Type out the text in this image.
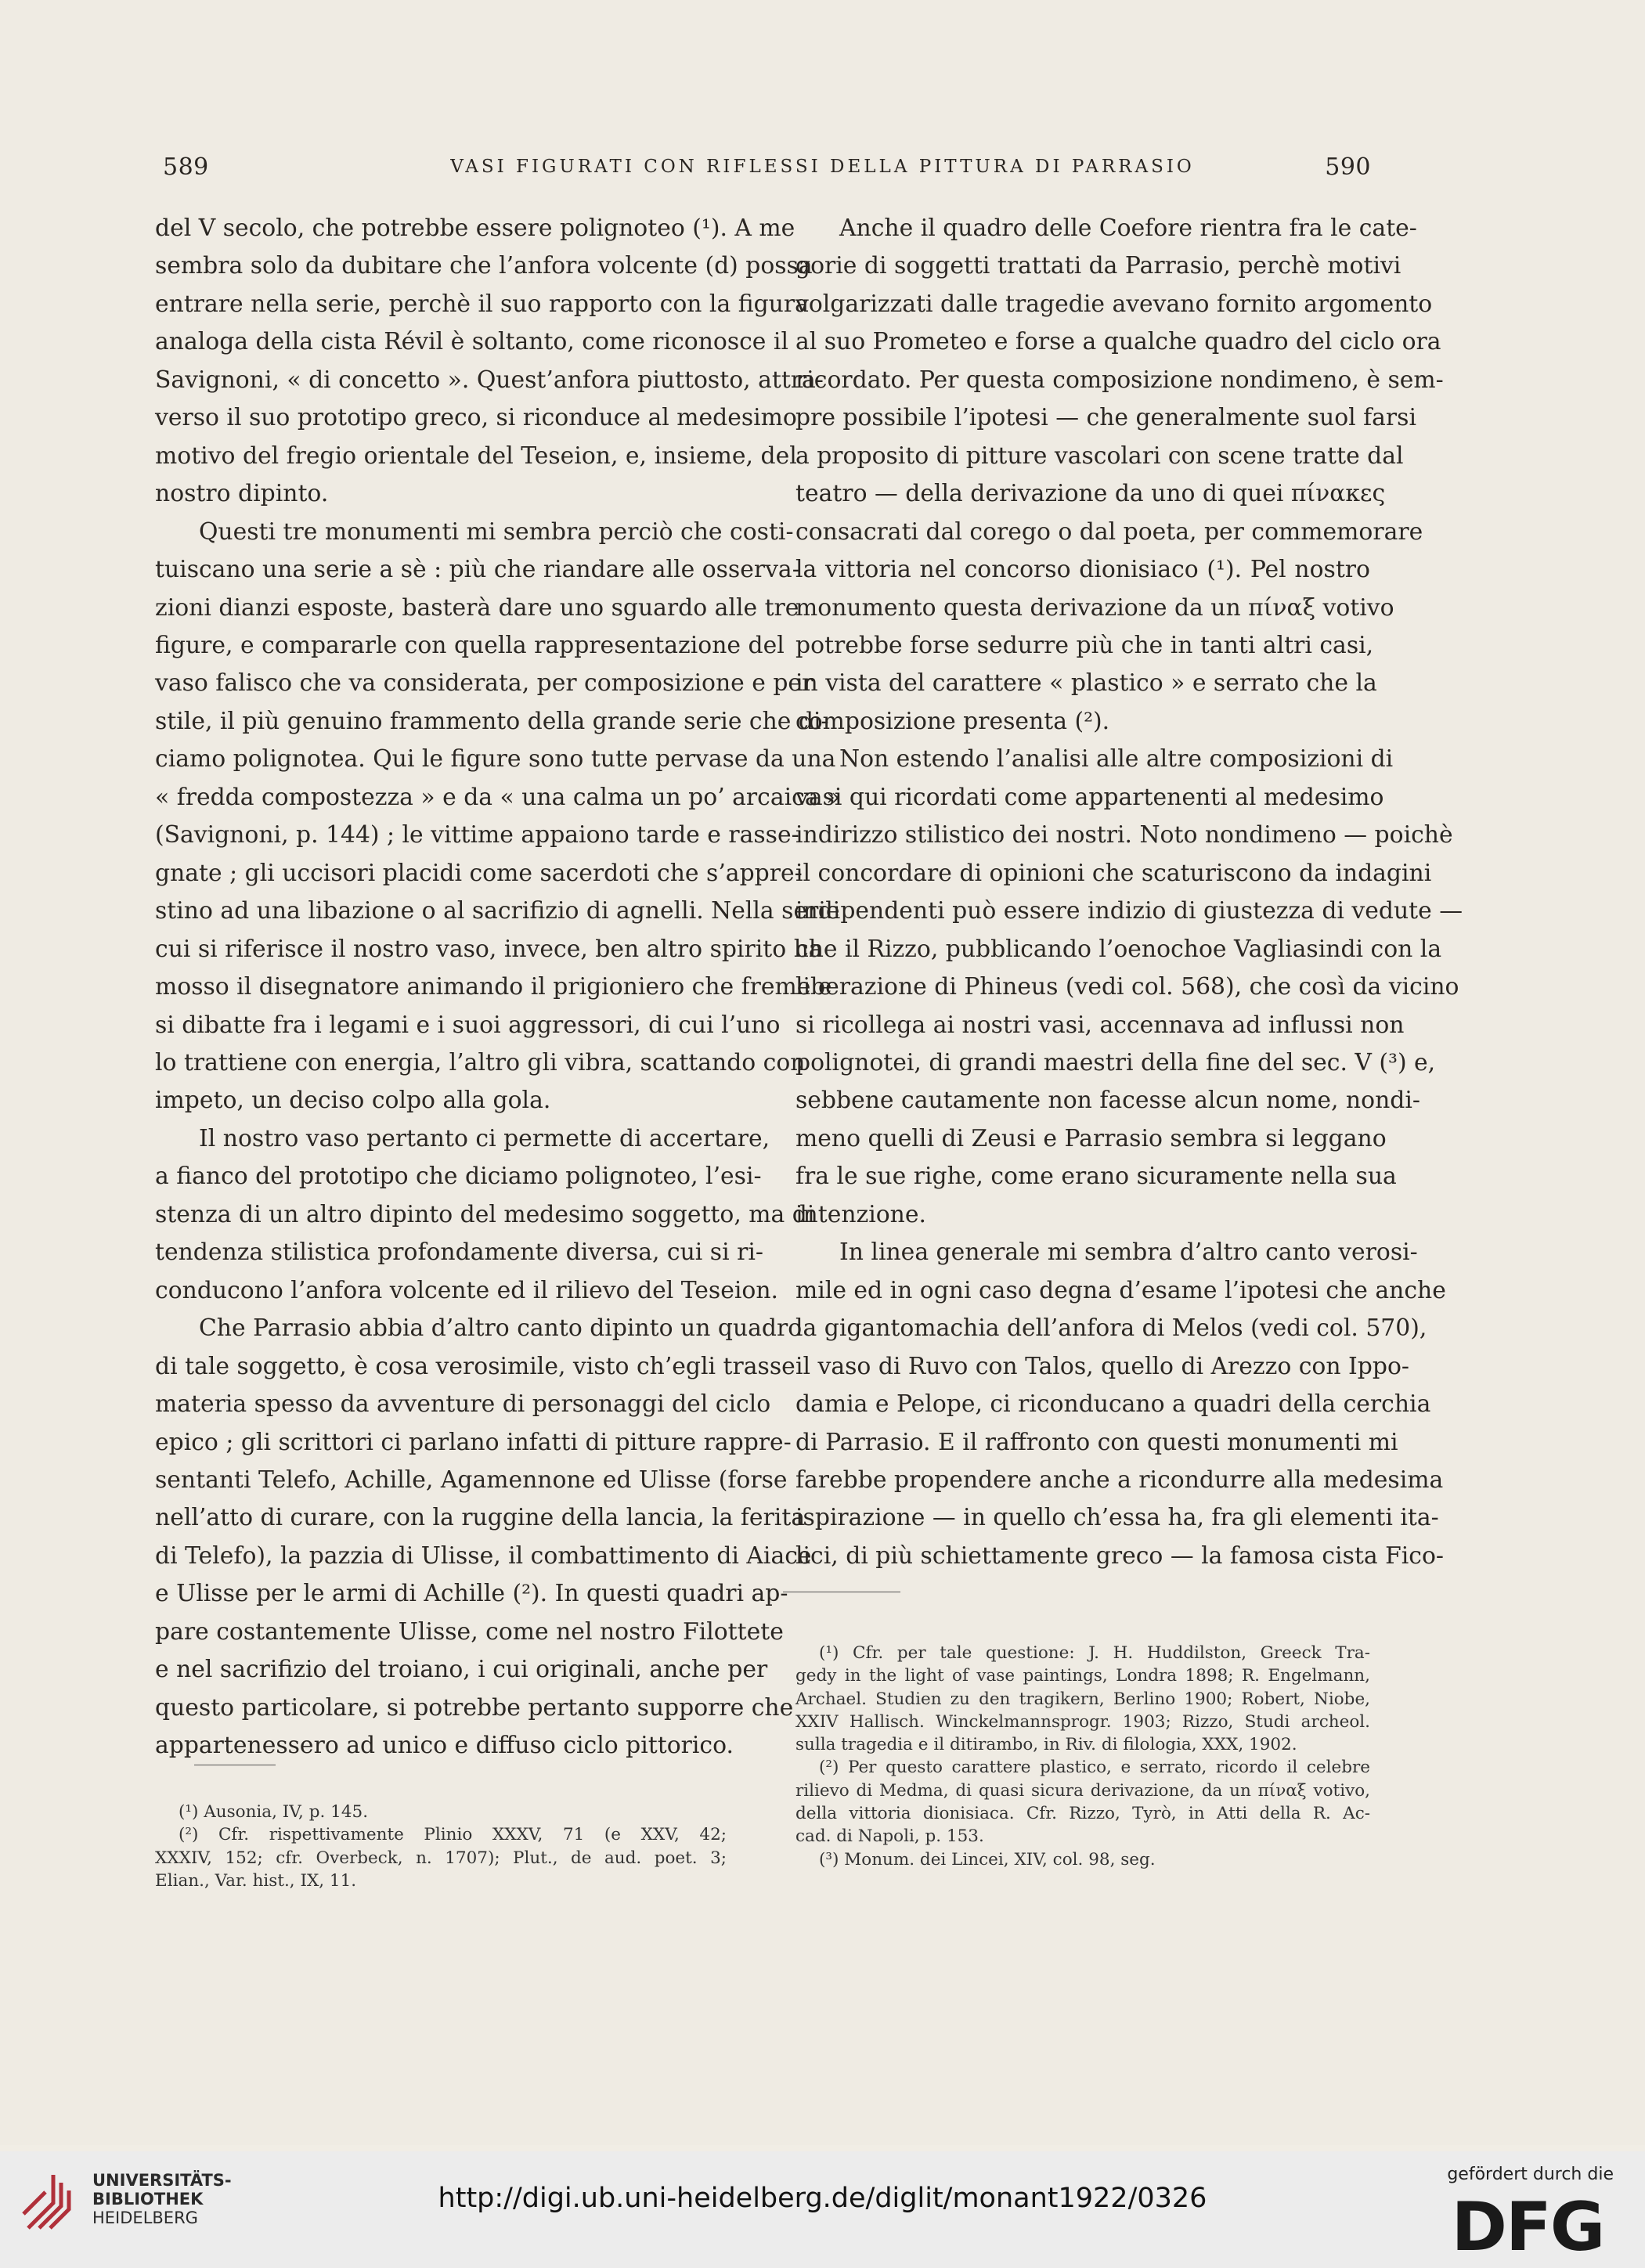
589	VASI FIGURATI CON RIFLESSI DELLA PITTURA DI PARRASIO	590
del V secolo, che potrebbe essere polignoteo (¹). A me
sembra solo da dubitare che l’anfora volcente (d) possa
entrare nella serie, perchè il suo rapporto con la figura
analoga della cista Révil è soltanto, come riconosce il
Savignoni, « di concetto ». Quest’anfora piuttosto, attra-
verso il suo prototipo greco, si riconduce al medesimo
motivo del fregio orientale del Teseion, e, insieme, del
nostro dipinto.
Questi tre monumenti mi sembra perciò che costi-
tuiscano una serie a sè : più che riandare alle osserva-
zioni dianzi esposte, basterà dare uno sguardo alle tre
figure, e compararle con quella rappresentazione del
vaso falisco che va considerata, per composizione e per
stile, il più genuino frammento della grande serie che di-
ciamo polignotea. Qui le figure sono tutte pervase da una
« fredda compostezza » e da « una calma un po’ arcaica »
(Savignoni, p. 144) ; le vittime appaiono tarde e rasse-
gnate ; gli uccisori placidi come sacerdoti che s’appre-
stino ad una libazione o al sacrifizio di agnelli. Nella serie
cui si riferisce il nostro vaso, invece, ben altro spirito ha
mosso il disegnatore animando il prigioniero che freme e
si dibatte fra i legami e i suoi aggressori, di cui l’uno
lo trattiene con energia, l’altro gli vibra, scattando con
impeto, un deciso colpo alla gola.
Il nostro vaso pertanto ci permette di accertare,
a fianco del prototipo che diciamo polignoteo, l’esi-
stenza di un altro dipinto del medesimo soggetto, ma di
tendenza stilistica profondamente diversa, cui si ri-
conducono l’anfora volcente ed il rilievo del Teseion.
Che Parrasio abbia d’altro canto dipinto un quadro
di tale soggetto, è cosa verosimile, visto ch’egli trasse
materia spesso da avventure di personaggi del ciclo
epico ; gli scrittori ci parlano infatti di pitture rappre-
sentanti Telefo, Achille, Agamennone ed Ulisse (forse
nell’atto di curare, con la ruggine della lancia, la ferita
di Telefo), la pazzia di Ulisse, il combattimento di Aiace
e Ulisse per le armi di Achille (²). In questi quadri ap-
pare costantemente Ulisse, come nel nostro Filottete
e nel sacrifizio del troiano, i cui originali, anche per
questo particolare, si potrebbe pertanto supporre che
appartenessero ad unico e diffuso ciclo pittorico.
Anche il quadro delle Coefore rientra fra le cate-
gorie di soggetti trattati da Parrasio, perchè motivi
volgarizzati dalle tragedie avevano fornito argomento
al suo Prometeo e forse a qualche quadro del ciclo ora
ricordato. Per questa composizione nondimeno, è sem-
pre possibile l’ipotesi — che generalmente suol farsi
a proposito di pitture vascolari con scene tratte dal
teatro — della derivazione da uno di quei πίνακες
consacrati dal corego o dal poeta, per commemorare
la vittoria nel concorso dionisiaco (¹). Pel nostro
monumento questa derivazione da un πίναξ votivo
potrebbe forse sedurre più che in tanti altri casi,
in vista del carattere « plastico » e serrato che la
composizione presenta (²).
Non estendo l’analisi alle altre composizioni di
vasi qui ricordati come appartenenti al medesimo
indirizzo stilistico dei nostri. Noto nondimeno — poichè
il concordare di opinioni che scaturiscono da indagini
indipendenti può essere indizio di giustezza di vedute —
che il Rizzo, pubblicando l’oenochoe Vagliasindi con la
liberazione di Phineus (vedi col. 568), che così da vicino
si ricollega ai nostri vasi, accennava ad influssi non
polignotei, di grandi maestri della fine del sec. V (³) e,
sebbene cautamente non facesse alcun nome, nondi-
meno quelli di Zeusi e Parrasio sembra si leggano
fra le sue righe, come erano sicuramente nella sua
intenzione.
In linea generale mi sembra d’altro canto verosi-
mile ed in ogni caso degna d’esame l’ipotesi che anche
la gigantomachia dell’anfora di Melos (vedi col. 570),
il vaso di Ruvo con Talos, quello di Arezzo con Ippo-
damia e Pelope, ci riconducano a quadri della cerchia
di Parrasio. E il raffronto con questi monumenti mi
farebbe propendere anche a ricondurre alla medesima
ispirazione — in quello ch’essa ha, fra gli elementi ita-
lici, di più schiettamente greco — la famosa cista Fico-
(¹) Ausonia, IV, p. 145.
(²) Cfr. rispettivamente Plinio XXXV, 71 (e XXV, 42;
XXXIV, 152; cfr. Overbeck, n. 1707); Plut., de aud. poet. 3;
Elian., Var. hist., IX, 11.
(¹) Cfr. per tale questione: J. H. Huddilston, Greeck Tra-
gedy in the light of vase paintings, Londra 1898; R. Engelmann,
Archael. Studien zu den tragikern, Berlino 1900; Robert, Niobe,
XXIV Hallisch. Winckelmannsprogr. 1903; Rizzo, Studi archeol.
sulla tragedia e il ditirambo, in Riv. di filologia, XXX, 1902.
(²) Per questo carattere plastico, e serrato, ricordo il celebre
rilievo di Medma, di quasi sicura derivazione, da un πίναξ votivo,
della vittoria dionisiaca. Cfr. Rizzo, Tyrò, in Atti della R. Ac-
cad. di Napoli, p. 153.
(³) Monum. dei Lincei, XIV, col. 98, seg.
UNIVERSITÄTS-
BIBLIOTHEK
HEIDELBERG
http://digi.ub.uni-heidelberg.de/diglit/monant1922/0326
gefördert durch die
DFG
